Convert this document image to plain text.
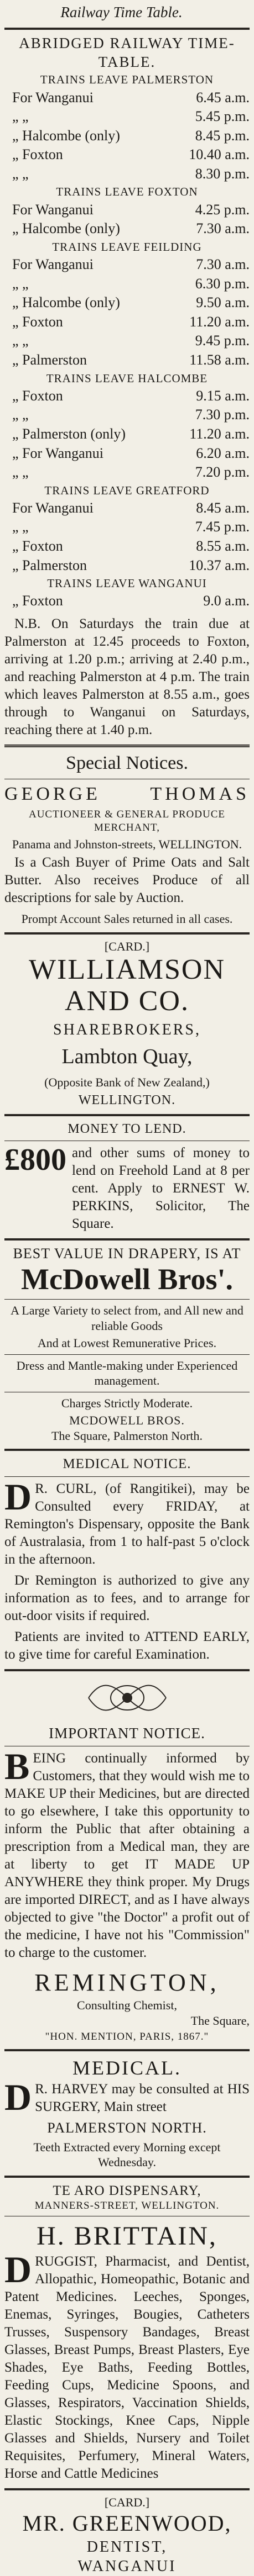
Railway Time Table.
ABRIDGED RAILWAY TIME-TABLE.
TRAINS LEAVE PALMERSTON
For Wanganui	6.45 a.m.
„ „	5.45 p.m.
„ Halcombe (only)	8.45 p.m.
„ Foxton	10.40 a.m.
„ „	8.30 p.m.
TRAINS LEAVE FOXTON
For Wanganui	4.25 p.m.
„ Halcombe (only)	7.30 a.m.
TRAINS LEAVE FEILDING
For Wanganui	7.30 a.m.
„ „	6.30 p.m.
„ Halcombe (only)	9.50 a.m.
„ Foxton	11.20 a.m.
„ „	9.45 p.m.
„ Palmerston	11.58 a.m.
TRAINS LEAVE HALCOMBE
„ Foxton	9.15 a.m.
„ „	7.30 p.m.
„ Palmerston (only)	11.20 a.m.
„ For Wanganui	6.20 a.m.
„ „	7.20 p.m.
TRAINS LEAVE GREATFORD
For Wanganui	8.45 a.m.
„ „	7.45 p.m.
„ Foxton	8.55 a.m.
„ Palmerston	10.37 a.m.
TRAINS LEAVE WANGANUI
„ Foxton	9.0 a.m.
N.B. On Saturdays the train due at Palmerston at 12.45 proceeds to Foxton, arriving at 1.20 p.m.; arriving at 2.40 p.m., and reaching Palmerston at 4 p.m. The train which leaves Palmerston at 8.55 a.m., goes through to Wanganui on Saturdays, reaching there at 1.40 p.m.
Special Notices.
GEORGE	THOMAS
AUCTIONEER & GENERAL PRODUCE MERCHANT,
Panama and Johnston-streets, WELLINGTON.
Is a Cash Buyer of Prime Oats and Salt Butter. Also receives Produce of all descriptions for sale by Auction.
Prompt Account Sales returned in all cases.
[CARD.]
WILLIAMSON AND CO.
SHAREBROKERS,
Lambton Quay,
(Opposite Bank of New Zealand,)
WELLINGTON.
MONEY TO LEND.
£800 and other sums of money to lend on Freehold Land at 8 per cent. Apply to ERNEST W. PERKINS, Solicitor, The Square.
BEST VALUE IN DRAPERY, IS AT
McDowell Bros'.
A Large Variety to select from, and All new and reliable Goods
And at Lowest Remunerative Prices.
Dress and Mantle-making under Experienced management.
Charges Strictly Moderate.
MCDOWELL BROS.
The Square, Palmerston North.
MEDICAL NOTICE.
D R. CURL, (of Rangitikei), may be Consulted every FRIDAY, at Remington's Dispensary, opposite the Bank of Australasia, from 1 to half-past 5 o'clock in the afternoon.
Dr Remington is authorized to give any information as to fees, and to arrange for out-door visits if required.
Patients are invited to ATTEND EARLY, to give time for careful Examination.
IMPORTANT NOTICE.
B EING continually informed by Customers, that they would wish me to MAKE UP their Medicines, but are directed to go elsewhere, I take this opportunity to inform the Public that after obtaining a prescription from a Medical man, they are at liberty to get IT MADE UP ANYWHERE they think proper. My Drugs are imported DIRECT, and as I have always objected to give "the Doctor" a profit out of the medicine, I have not his "Commission" to charge to the customer.
REMINGTON,
Consulting Chemist,
The Square,
"HON. MENTION, PARIS, 1867."
MEDICAL.
D R. HARVEY may be consulted at HIS SURGERY, Main street
PALMERSTON NORTH.
Teeth Extracted every Morning except Wednesday.
TE ARO DISPENSARY,
MANNERS-STREET, WELLINGTON.
H. BRITTAIN,
D RUGGIST, Pharmacist, and Dentist, Allopathic, Homeopathic, Botanic and Patent Medicines. Leeches, Sponges, Enemas, Syringes, Bougies, Catheters Trusses, Suspensory Bandages, Breast Glasses, Breast Pumps, Breast Plasters, Eye Shades, Eye Baths, Feeding Bottles, Feeding Cups, Medicine Spoons, and Glasses, Respirators, Vaccination Shields, Elastic Stockings, Knee Caps, Nipple Glasses and Shields, Nursery and Toilet Requisites, Perfumery, Mineral Waters, Horse and Cattle Medicines
[CARD.]
MR. GREENWOOD,
DENTIST,
WANGANUI
